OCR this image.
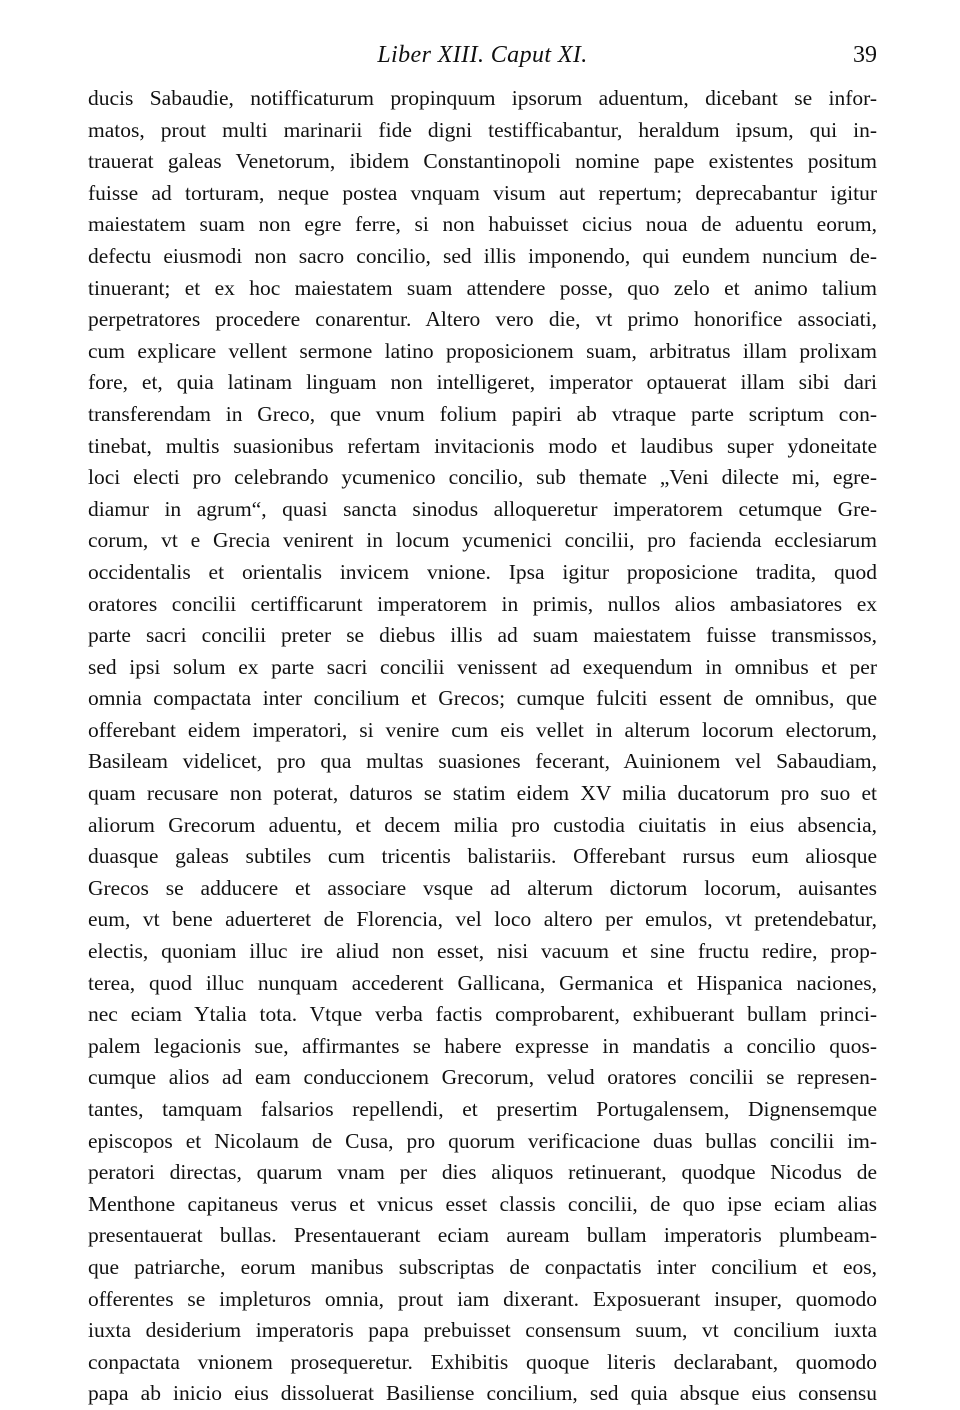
Liber XIII. Caput XI.	39
ducis Sabaudie, notifficaturum propinquum ipsorum aduentum, dicebant se infor-
matos, prout multi marinarii fide digni testifficabantur, heraldum ipsum, qui in-
trauerat galeas Venetorum, ibidem Constantinopoli nomine pape existentes positum
fuisse ad torturam, neque postea vnquam visum aut repertum; deprecabantur igitur
maiestatem suam non egre ferre, si non habuisset cicius noua de aduentu eorum,
defectu eiusmodi non sacro concilio, sed illis imponendo, qui eundem nuncium de-
tinuerant; et ex hoc maiestatem suam attendere posse, quo zelo et animo talium
perpetratores procedere conarentur. Altero vero die, vt primo honorifice associati,
cum explicare vellent sermone latino proposicionem suam, arbitratus illam prolixam
fore, et, quia latinam linguam non intelligeret, imperator optauerat illam sibi dari
transferendam in Greco, que vnum folium papiri ab vtraque parte scriptum con-
tinebat, multis suasionibus refertam invitacionis modo et laudibus super ydoneitate
loci electi pro celebrando ycumenico concilio, sub themate „Veni dilecte mi, egre-
diamur in agrum“, quasi sancta sinodus alloqueretur imperatorem cetumque Gre-
corum, vt e Grecia venirent in locum ycumenici concilii, pro facienda ecclesiarum
occidentalis et orientalis invicem vnione. Ipsa igitur proposicione tradita, quod
oratores concilii certifficarunt imperatorem in primis, nullos alios ambasiatores ex
parte sacri concilii preter se diebus illis ad suam maiestatem fuisse transmissos,
sed ipsi solum ex parte sacri concilii venissent ad exequendum in omnibus et per
omnia compactata inter concilium et Grecos; cumque fulciti essent de omnibus, que
offerebant eidem imperatori, si venire cum eis vellet in alterum locorum electorum,
Basileam videlicet, pro qua multas suasiones fecerant, Auinionem vel Sabaudiam,
quam recusare non poterat, daturos se statim eidem XV milia ducatorum pro suo et
aliorum Grecorum aduentu, et decem milia pro custodia ciuitatis in eius absencia,
duasque galeas subtiles cum tricentis balistariis. Offerebant rursus eum aliosque
Grecos se adducere et associare vsque ad alterum dictorum locorum, auisantes
eum, vt bene aduerteret de Florencia, vel loco altero per emulos, vt pretendebatur,
electis, quoniam illuc ire aliud non esset, nisi vacuum et sine fructu redire, prop-
terea, quod illuc nunquam accederent Gallicana, Germanica et Hispanica naciones,
nec eciam Ytalia tota. Vtque verba factis comprobarent, exhibuerant bullam princi-
palem legacionis sue, affirmantes se habere expresse in mandatis a concilio quos-
cumque alios ad eam conduccionem Grecorum, velud oratores concilii se represen-
tantes, tamquam falsarios repellendi, et presertim Portugalensem, Dignensemque
episcopos et Nicolaum de Cusa, pro quorum verificacione duas bullas concilii im-
peratori directas, quarum vnam per dies aliquos retinuerant, quodque Nicodus de
Menthone capitaneus verus et vnicus esset classis concilii, de quo ipse eciam alias
presentauerat bullas. Presentauerant eciam auream bullam imperatoris plumbeam-
que patriarche, eorum manibus subscriptas de conpactatis inter concilium et eos,
offerentes se impleturos omnia, prout iam dixerant. Exposuerant insuper, quomodo
iuxta desiderium imperatoris papa prebuisset consensum suum, vt concilium iuxta
conpactata vnionem prosequeretur. Exhibitis quoque literis declarabant, quomodo
papa ab inicio eius dissoluerat Basiliense concilium, sed quia absque eius consensu
